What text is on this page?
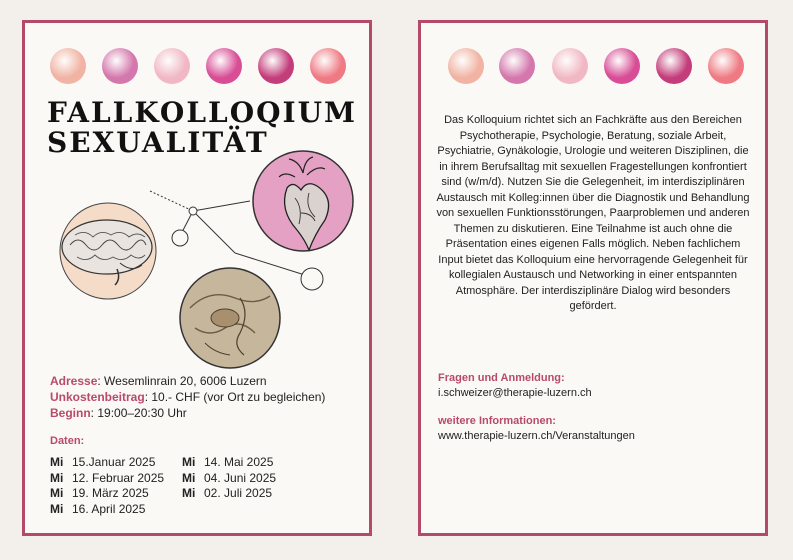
FALLKOLLOQIUM
SEXUALITÄT
Adresse: Wesemlinrain 20, 6006 Luzern
Unkostenbeitrag: 10.- CHF (vor Ort zu begleichen)
Beginn: 19:00–20:30 Uhr
Daten:
Mi 15.Januar 2025
Mi 12. Februar 2025
Mi 19. März 2025
Mi 16. April 2025
Mi 14. Mai 2025
Mi 04. Juni 2025
Mi 02. Juli 2025
Das Kolloquium richtet sich an Fachkräfte aus den Bereichen Psychotherapie, Psychologie, Beratung, soziale Arbeit, Psychiatrie, Gynäkologie, Urologie und weiteren Disziplinen, die in ihrem Berufsalltag mit sexuellen Fragestellungen konfrontiert sind (w/m/d). Nutzen Sie die Gelegenheit, im interdisziplinären Austausch mit Kolleg:innen über die Diagnostik und Behandlung von sexuellen Funktionsstörungen, Paarproblemen und anderen Themen zu diskutieren. Eine Teilnahme ist auch ohne die Präsentation eines eigenen Falls möglich. Neben fachlichem Input bietet das Kolloquium eine hervorragende Gelegenheit für kollegialen Austausch und Networking in einer entspannten Atmosphäre. Der interdisziplinäre Dialog wird besonders gefördert.
Fragen und Anmeldung:
i.schweizer@therapie-luzern.ch
weitere Informationen:
www.therapie-luzern.ch/Veranstaltungen
